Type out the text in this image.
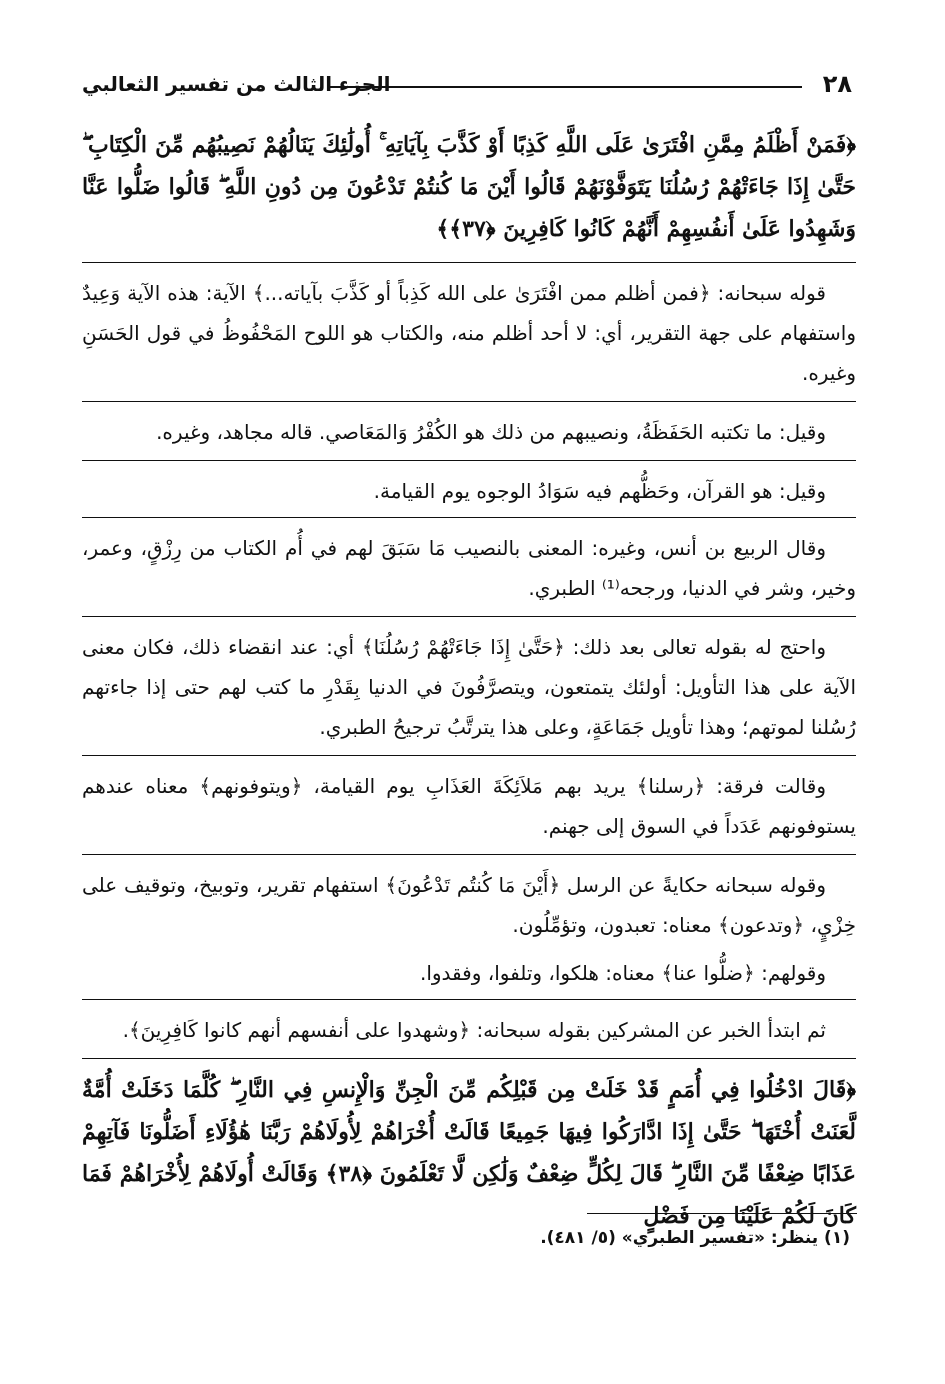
٢٨
الجزء الثالث من تفسير الثعالبي

﴿فَمَنْ أَظْلَمُ مِمَّنِ افْتَرَىٰ عَلَى اللَّهِ كَذِبًا أَوْ كَذَّبَ بِآيَاتِهِ ۚ أُولَٰئِكَ يَنَالُهُمْ نَصِيبُهُم مِّنَ الْكِتَابِ ۖ حَتَّىٰ إِذَا جَاءَتْهُمْ رُسُلُنَا يَتَوَفَّوْنَهُمْ قَالُوا أَيْنَ مَا كُنتُمْ تَدْعُونَ مِن دُونِ اللَّهِ ۖ قَالُوا ضَلُّوا عَنَّا وَشَهِدُوا عَلَىٰ أَنفُسِهِمْ أَنَّهُمْ كَانُوا كَافِرِينَ ﴿٣٧﴾﴾

قوله سبحانه: ﴿فمن أظلم ممن افْتَرَىٰ على الله كَذِباً أو كَذَّبَ بآياته...﴾ الآية: هذه الآية وَعِيدٌ واستفهام على جهة التقرير، أي: لا أحد أظلم منه، والكتاب هو اللوح المَحْفُوظُ في قول الحَسَنِ وغيره.

وقيل: ما تكتبه الحَفَظَةُ، ونصيبهم من ذلك هو الكُفْرُ وَالمَعَاصي. قاله مجاهد، وغيره.

وقيل: هو القرآن، وحَظُّهم فيه سَوَادُ الوجوه يوم القيامة.

وقال الربيع بن أنس، وغيره: المعنى بالنصيب مَا سَبَقَ لهم في أُم الكتاب من رِزْقٍ، وعمر، وخير، وشر في الدنيا، ورجحه⁽¹⁾ الطبري.

واحتج له بقوله تعالى بعد ذلك: ﴿حَتَّىٰ إِذَا جَاءَتْهُمْ رُسُلُنَا﴾ أي: عند انقضاء ذلك، فكان معنى الآية على هذا التأويل: أولئك يتمتعون، ويتصرَّفُونَ في الدنيا بِقَدْرِ ما كتب لهم حتى إذا جاءتهم رُسُلنا لموتهم؛ وهذا تأويل جَمَاعَةٍ، وعلى هذا يترتَّبُ ترجيحُ الطبري.

وقالت فرقة: ﴿رسلنا﴾ يريد بهم مَلاَئِكَةَ العَذَابِ يوم القيامة، ﴿ويتوفونهم﴾ معناه عندهم يستوفونهم عَدَداً في السوق إلى جهنم.

وقوله سبحانه حكايةً عن الرسل ﴿أَيْنَ مَا كُنتُم تَدْعُونَ﴾ استفهام تقرير، وتوبيخ، وتوقيف على خِزْيٍ، ﴿وتدعون﴾ معناه: تعبدون، وتؤمِّلُون.

وقولهم: ﴿ضلُّوا عنا﴾ معناه: هلكوا، وتلفوا، وفقدوا.

ثم ابتدأ الخبر عن المشركين بقوله سبحانه: ﴿وشهدوا على أنفسهم أنهم كانوا كَافِرِينَ﴾.

﴿قَالَ ادْخُلُوا فِي أُمَمٍ قَدْ خَلَتْ مِن قَبْلِكُم مِّنَ الْجِنِّ وَالْإِنسِ فِي النَّارِ ۖ كُلَّمَا دَخَلَتْ أُمَّةٌ لَّعَنَتْ أُخْتَهَا ۖ حَتَّىٰ إِذَا ادَّارَكُوا فِيهَا جَمِيعًا قَالَتْ أُخْرَاهُمْ لِأُولَاهُمْ رَبَّنَا هَٰؤُلَاءِ أَضَلُّونَا فَآتِهِمْ عَذَابًا ضِعْفًا مِّنَ النَّارِ ۖ قَالَ لِكُلٍّ ضِعْفٌ وَلَٰكِن لَّا تَعْلَمُونَ ﴿٣٨﴾ وَقَالَتْ أُولَاهُمْ لِأُخْرَاهُمْ فَمَا كَانَ لَكُمْ عَلَيْنَا مِن فَضْلٍ

(١) ينظر: «تفسير الطبري» (٥/ ٤٨١).
